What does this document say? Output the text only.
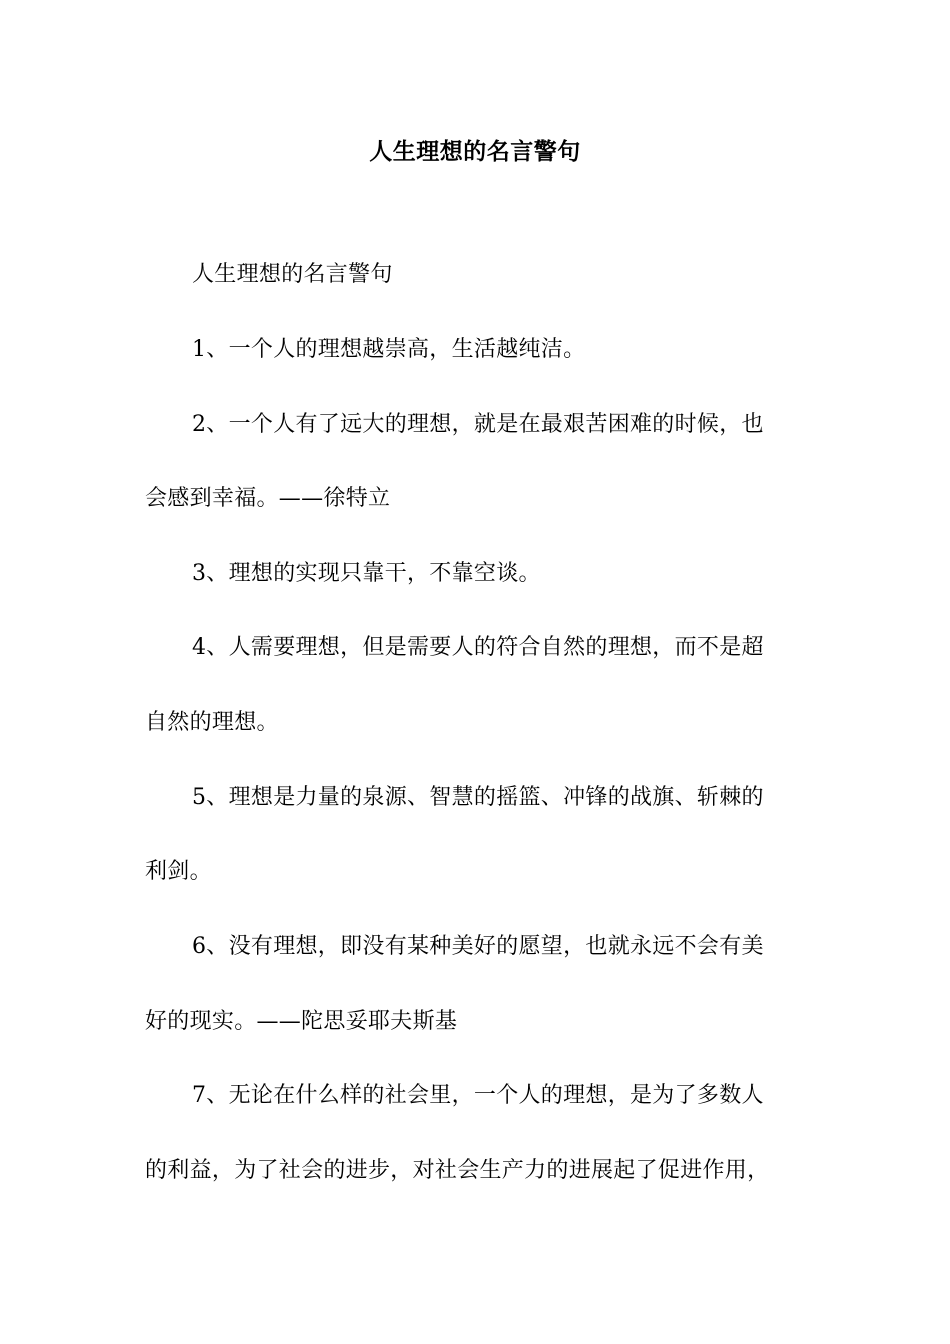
人生理想的名言警句
人生理想的名言警句
1、一个人的理想越崇高，生活越纯洁。
2、一个人有了远大的理想，就是在最艰苦困难的时候，也
会感到幸福。——徐特立
3、理想的实现只靠干，不靠空谈。
4、人需要理想，但是需要人的符合自然的理想，而不是超
自然的理想。
5、理想是力量的泉源、智慧的摇篮、冲锋的战旗、斩棘的
利剑。
6、没有理想，即没有某种美好的愿望，也就永远不会有美
好的现实。——陀思妥耶夫斯基
7、无论在什么样的社会里，一个人的理想，是为了多数人
的利益，为了社会的进步，对社会生产力的进展起了促进作用，
